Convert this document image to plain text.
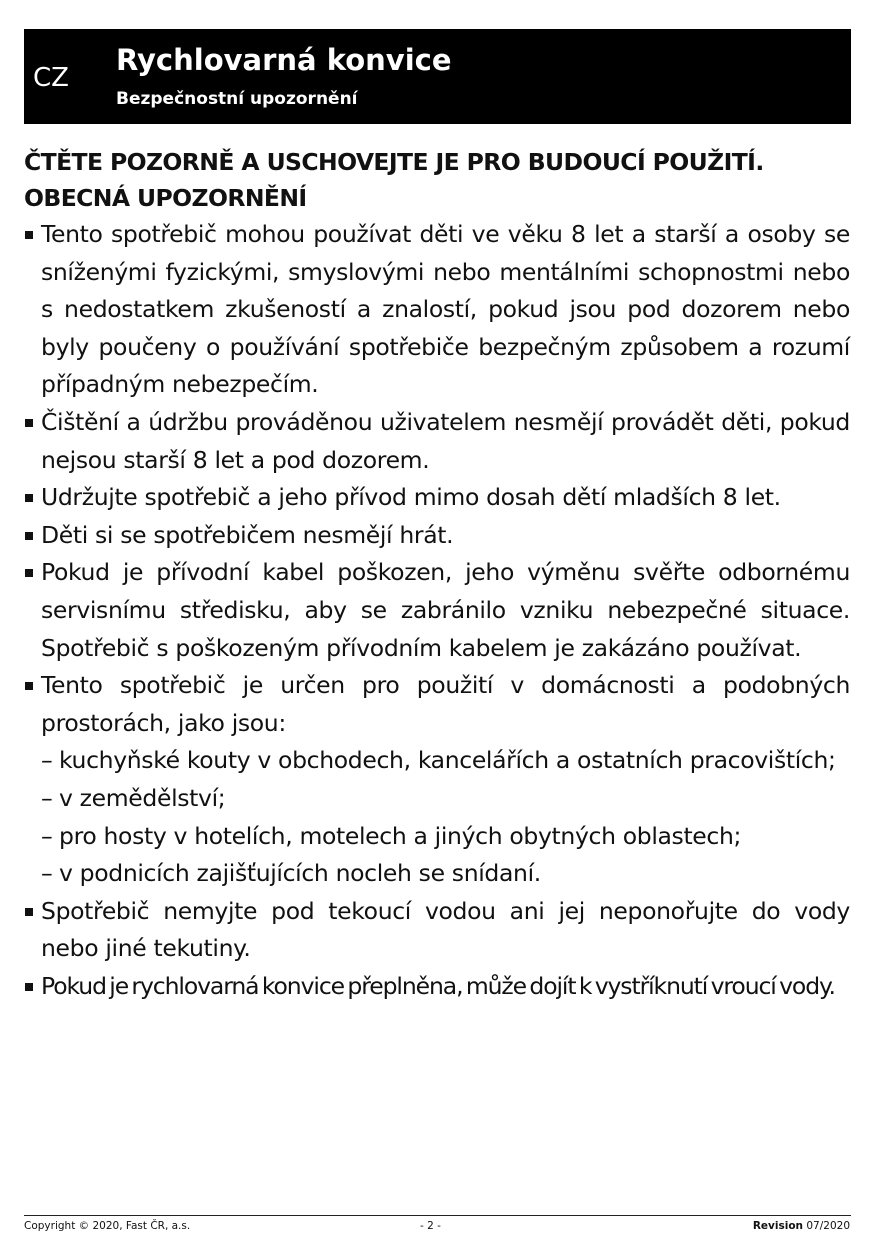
CZ
Rychlovarná konvice
Bezpečnostní upozornění
ČTĚTE POZORNĚ A USCHOVEJTE JE PRO BUDOUCÍ POUŽITÍ.
OBECNÁ UPOZORNĚNÍ
Tento spotřebič mohou používat děti ve věku 8 let a starší a osoby se sníženými fyzickými, smyslovými nebo mentálními schopnostmi nebo s nedostatkem zkušeností a znalostí, pokud jsou pod dozorem nebo byly poučeny o používání spotřebiče bezpečným způsobem a rozumí případným nebezpečím.
Čištění a údržbu prováděnou uživatelem nesmějí provádět děti, pokud nejsou starší 8 let a pod dozorem.
Udržujte spotřebič a jeho přívod mimo dosah dětí mladších 8 let.
Děti si se spotřebičem nesmějí hrát.
Pokud je přívodní kabel poškozen, jeho výměnu svěřte odbornému servisnímu středisku, aby se zabránilo vzniku nebezpečné situace. Spotřebič s poškozeným přívodním kabelem je zakázáno používat.
Tento spotřebič je určen pro použití v domácnosti a podobných prostorách, jako jsou:
– kuchyňské kouty v obchodech, kancelářích a ostatních pracovištích;
– v zemědělství;
– pro hosty v hotelích, motelech a jiných obytných oblastech;
– v podnicích zajišťujících nocleh se snídaní.
Spotřebič nemyjte pod tekoucí vodou ani jej neponořujte do vody nebo jiné tekutiny.
Pokud je rychlovarná konvice přeplněna, může dojít k vystříknutí vroucí vody.
Copyright © 2020, Fast ČR, a.s.	- 2 -	Revision 07/2020
